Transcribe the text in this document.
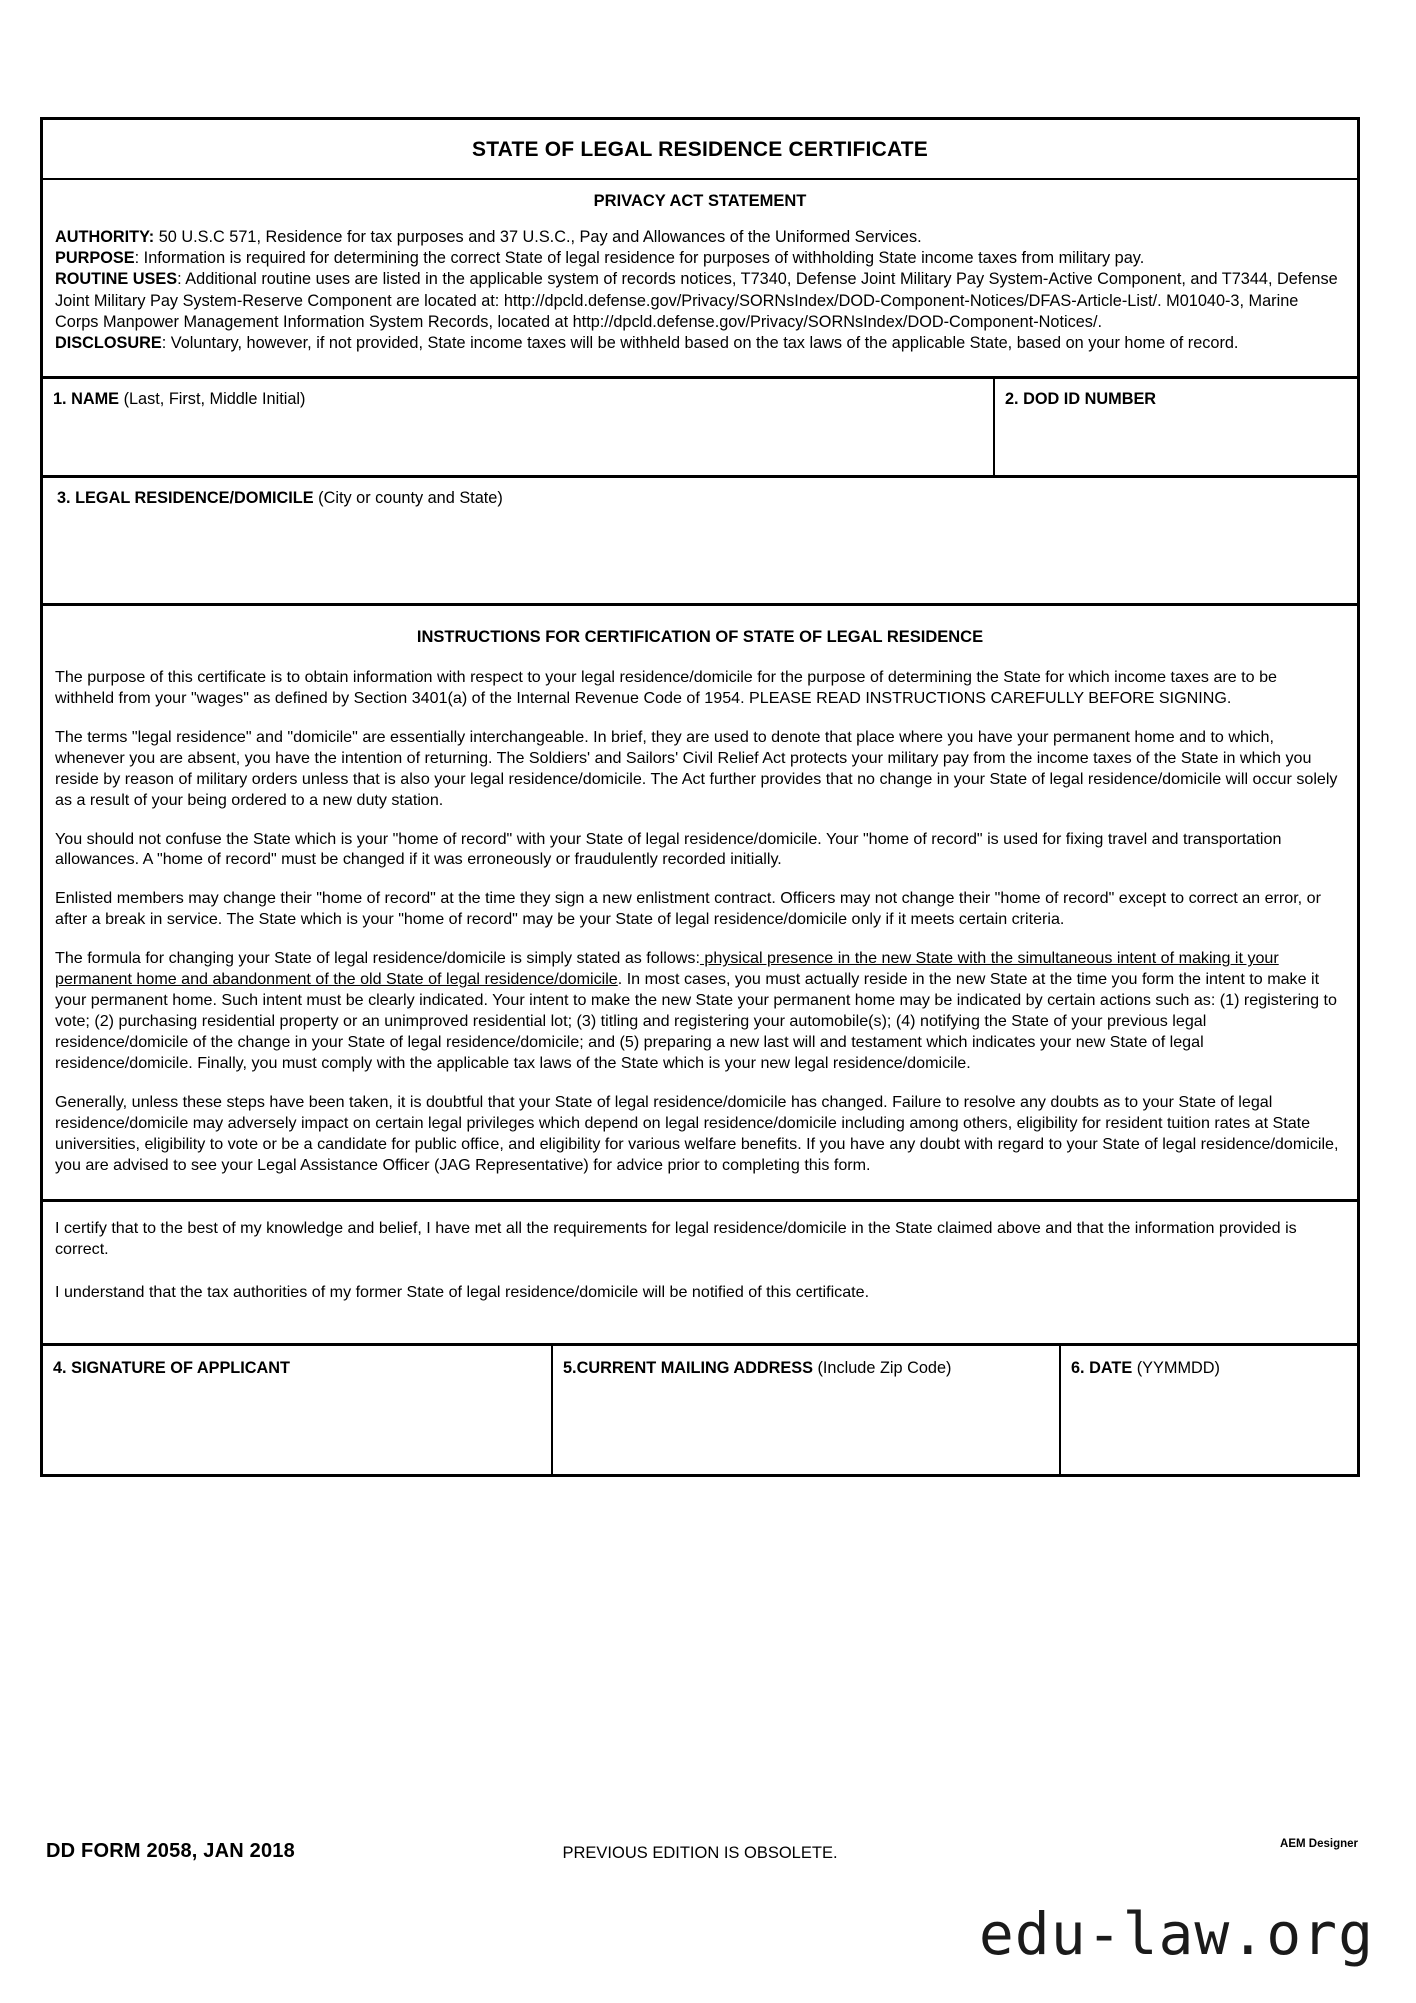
STATE OF LEGAL RESIDENCE CERTIFICATE
PRIVACY ACT STATEMENT

AUTHORITY: 50 U.S.C 571, Residence for tax purposes and 37 U.S.C., Pay and Allowances of the Uniformed Services.

PURPOSE: Information is required for determining the correct State of legal residence for purposes of withholding State income taxes from military pay.

ROUTINE USES: Additional routine uses are listed in the applicable system of records notices, T7340, Defense Joint Military Pay System-Active Component, and T7344, Defense Joint Military Pay System-Reserve Component are located at: http://dpcld.defense.gov/Privacy/SORNsIndex/DOD-Component-Notices/DFAS-Article-List/. M01040-3, Marine Corps Manpower Management Information System Records, located at http://dpcld.defense.gov/Privacy/SORNsIndex/DOD-Component-Notices/.

DISCLOSURE: Voluntary, however, if not provided, State income taxes will be withheld based on the tax laws of the applicable State, based on your home of record.

1. NAME (Last, First, Middle Initial)	2. DOD ID NUMBER
3. LEGAL RESIDENCE/DOMICILE (City or county and State)
INSTRUCTIONS FOR CERTIFICATION OF STATE OF LEGAL RESIDENCE

The purpose of this certificate is to obtain information with respect to your legal residence/domicile for the purpose of determining the State for which income taxes are to be withheld from your "wages" as defined by Section 3401(a) of the Internal Revenue Code of 1954. PLEASE READ INSTRUCTIONS CAREFULLY BEFORE SIGNING.

The terms "legal residence" and "domicile" are essentially interchangeable. In brief, they are used to denote that place where you have your permanent home and to which, whenever you are absent, you have the intention of returning. The Soldiers' and Sailors' Civil Relief Act protects your military pay from the income taxes of the State in which you reside by reason of military orders unless that is also your legal residence/domicile. The Act further provides that no change in your State of legal residence/domicile will occur solely as a result of your being ordered to a new duty station.

You should not confuse the State which is your "home of record" with your State of legal residence/domicile. Your "home of record" is used for fixing travel and transportation allowances. A "home of record" must be changed if it was erroneously or fraudulently recorded initially.

Enlisted members may change their "home of record" at the time they sign a new enlistment contract. Officers may not change their "home of record" except to correct an error, or after a break in service. The State which is your "home of record" may be your State of legal residence/domicile only if it meets certain criteria.

The formula for changing your State of legal residence/domicile is simply stated as follows: physical presence in the new State with the simultaneous intent of making it your permanent home and abandonment of the old State of legal residence/domicile. In most cases, you must actually reside in the new State at the time you form the intent to make it your permanent home. Such intent must be clearly indicated. Your intent to make the new State your permanent home may be indicated by certain actions such as: (1) registering to vote; (2) purchasing residential property or an unimproved residential lot; (3) titling and registering your automobile(s); (4) notifying the State of your previous legal residence/domicile of the change in your State of legal residence/domicile; and (5) preparing a new last will and testament which indicates your new State of legal residence/domicile. Finally, you must comply with the applicable tax laws of the State which is your new legal residence/domicile.

Generally, unless these steps have been taken, it is doubtful that your State of legal residence/domicile has changed. Failure to resolve any doubts as to your State of legal residence/domicile may adversely impact on certain legal privileges which depend on legal residence/domicile including among others, eligibility for resident tuition rates at State universities, eligibility to vote or be a candidate for public office, and eligibility for various welfare benefits. If you have any doubt with regard to your State of legal residence/domicile, you are advised to see your Legal Assistance Officer (JAG Representative) for advice prior to completing this form.

I certify that to the best of my knowledge and belief, I have met all the requirements for legal residence/domicile in the State claimed above and that the information provided is correct.

I understand that the tax authorities of my former State of legal residence/domicile will be notified of this certificate.

4. SIGNATURE OF APPLICANT	5.CURRENT MAILING ADDRESS (Include Zip Code)	6. DATE (YYMMDD)
DD FORM 2058, JAN 2018	PREVIOUS EDITION IS OBSOLETE.	AEM Designer
edu-law.org
